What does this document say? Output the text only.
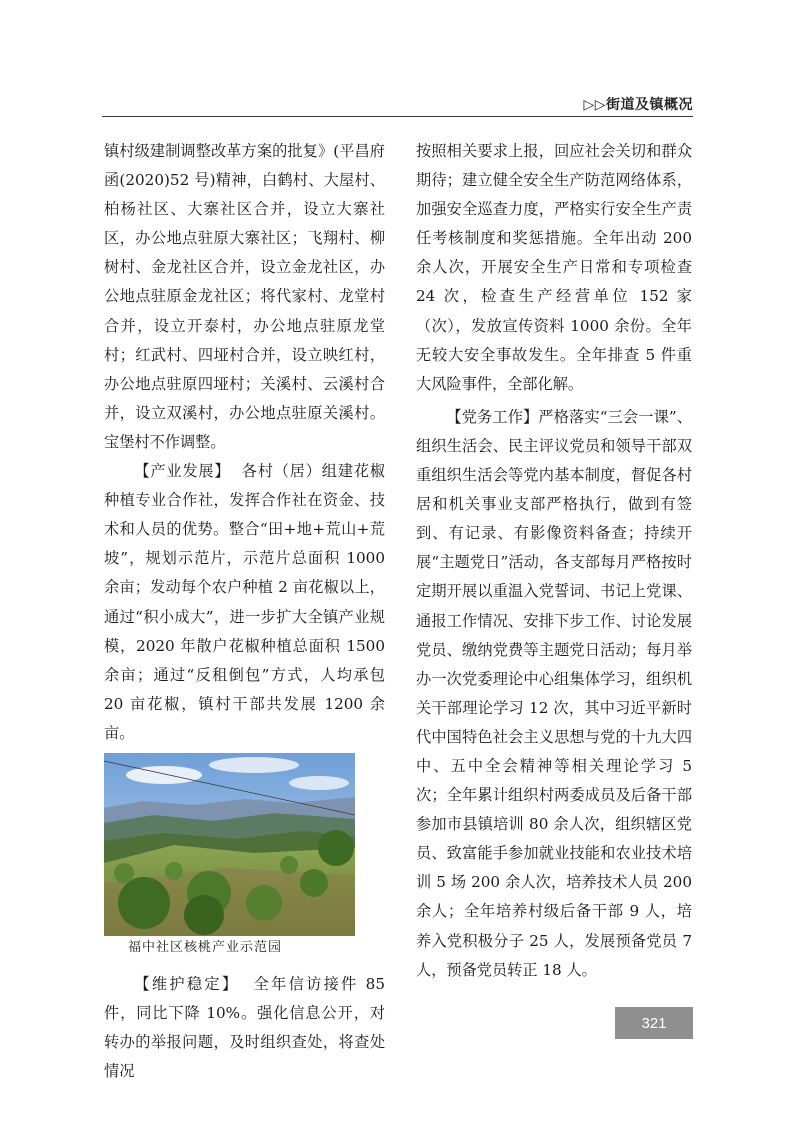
▷▷街道及镇概况

镇村级建制调整改革方案的批复》(平昌府函(2020)52 号)精神，白鹤村、大屋村、柏杨社区、大寨社区合并，设立大寨社区，办公地点驻原大寨社区；飞翔村、柳树村、金龙社区合并，设立金龙社区，办公地点驻原金龙社区；将代家村、龙堂村合并，设立开泰村，办公地点驻原龙堂村；红武村、四垭村合并，设立映红村，办公地点驻原四垭村；关溪村、云溪村合并，设立双溪村，办公地点驻原关溪村。宝堡村不作调整。

【产业发展】 各村（居）组建花椒种植专业合作社，发挥合作社在资金、技术和人员的优势。整合“田+地+荒山+荒坡”，规划示范片，示范片总面积 1000 余亩；发动每个农户种植 2 亩花椒以上，通过“积小成大”，进一步扩大全镇产业规模，2020 年散户花椒种植总面积 1500 余亩；通过“反租倒包”方式，人均承包 20 亩花椒，镇村干部共发展 1200 余亩。

福中社区核桃产业示范园

【维护稳定】 全年信访接件 85 件，同比下降 10%。强化信息公开，对转办的举报问题，及时组织查处，将查处情况

按照相关要求上报，回应社会关切和群众期待；建立健全安全生产防范网络体系，加强安全巡查力度，严格实行安全生产责任考核制度和奖惩措施。全年出动 200 余人次，开展安全生产日常和专项检查 24 次，检查生产经营单位 152 家（次），发放宣传资料 1000 余份。全年无较大安全事故发生。全年排查 5 件重大风险事件，全部化解。

【党务工作】严格落实“三会一课”、组织生活会、民主评议党员和领导干部双重组织生活会等党内基本制度，督促各村居和机关事业支部严格执行，做到有签到、有记录、有影像资料备查；持续开展“主题党日”活动，各支部每月严格按时定期开展以重温入党誓词、书记上党课、通报工作情况、安排下步工作、讨论发展党员、缴纳党费等主题党日活动；每月举办一次党委理论中心组集体学习，组织机关干部理论学习 12 次，其中习近平新时代中国特色社会主义思想与党的十九大四中、五中全会精神等相关理论学习 5 次；全年累计组织村两委成员及后备干部参加市县镇培训 80 余人次，组织辖区党员、致富能手参加就业技能和农业技术培训 5 场 200 余人次，培养技术人员 200 余人；全年培养村级后备干部 9 人，培养入党积极分子 25 人，发展预备党员 7 人，预备党员转正 18 人。

321
